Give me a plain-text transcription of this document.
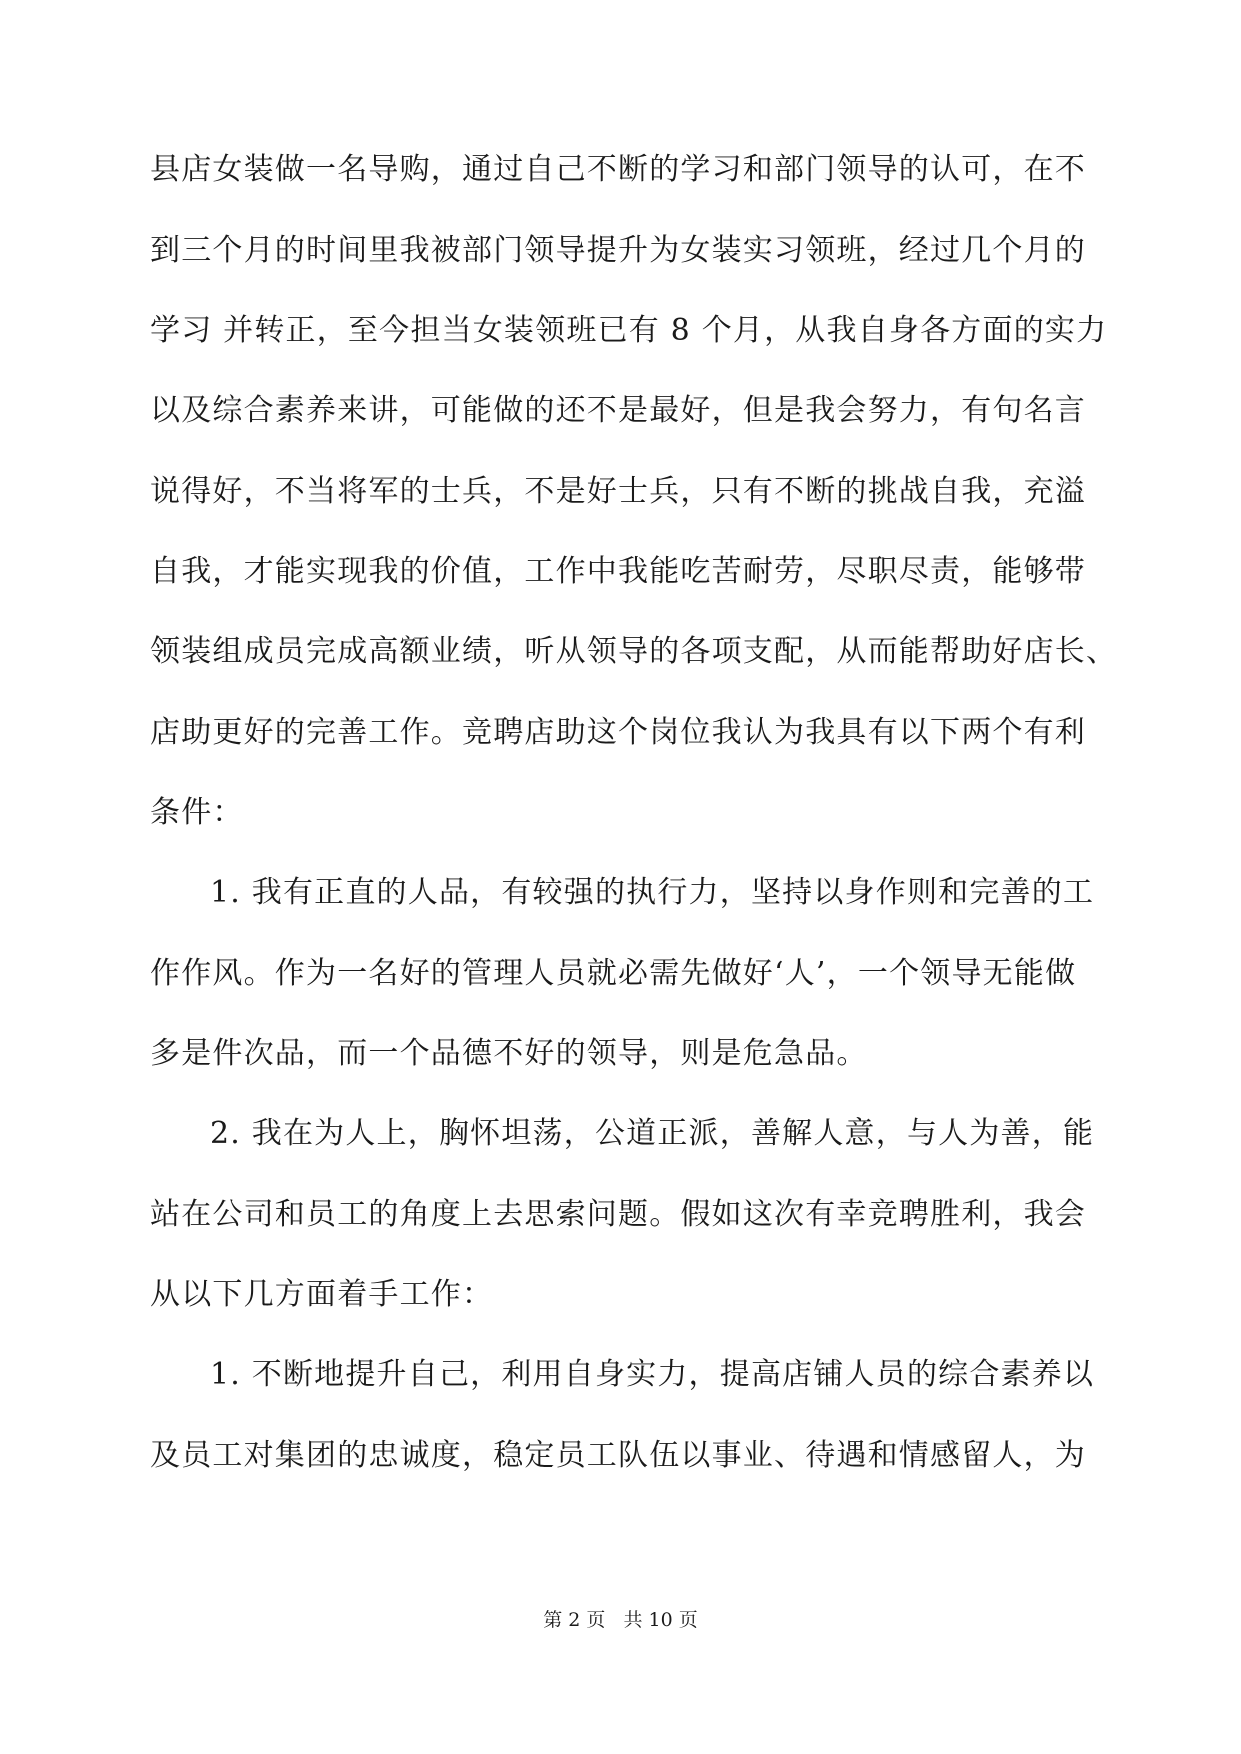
县店女装做一名导购，通过自己不断的学习和部门领导的认可，在不
到三个月的时间里我被部门领导提升为女装实习领班，经过几个月的
学习 并转正，至今担当女装领班已有 8 个月，从我自身各方面的实力
以及综合素养来讲，可能做的还不是最好，但是我会努力，有句名言
说得好，不当将军的士兵，不是好士兵，只有不断的挑战自我，充溢
自我，才能实现我的价值，工作中我能吃苦耐劳，尽职尽责，能够带
领装组成员完成高额业绩，听从领导的各项支配，从而能帮助好店长、
店助更好的完善工作。竞聘店助这个岗位我认为我具有以下两个有利
条件：
1. 我有正直的人品，有较强的执行力，坚持以身作则和完善的工
作作风。作为一名好的管理人员就必需先做好‘人’，一个领导无能做
多是件次品，而一个品德不好的领导，则是危急品。
2. 我在为人上，胸怀坦荡，公道正派，善解人意，与人为善，能
站在公司和员工的角度上去思索问题。假如这次有幸竞聘胜利，我会
从以下几方面着手工作：
1. 不断地提升自己，利用自身实力，提高店铺人员的综合素养以
及员工对集团的忠诚度，稳定员工队伍以事业、待遇和情感留人，为
第 2 页 共 10 页
